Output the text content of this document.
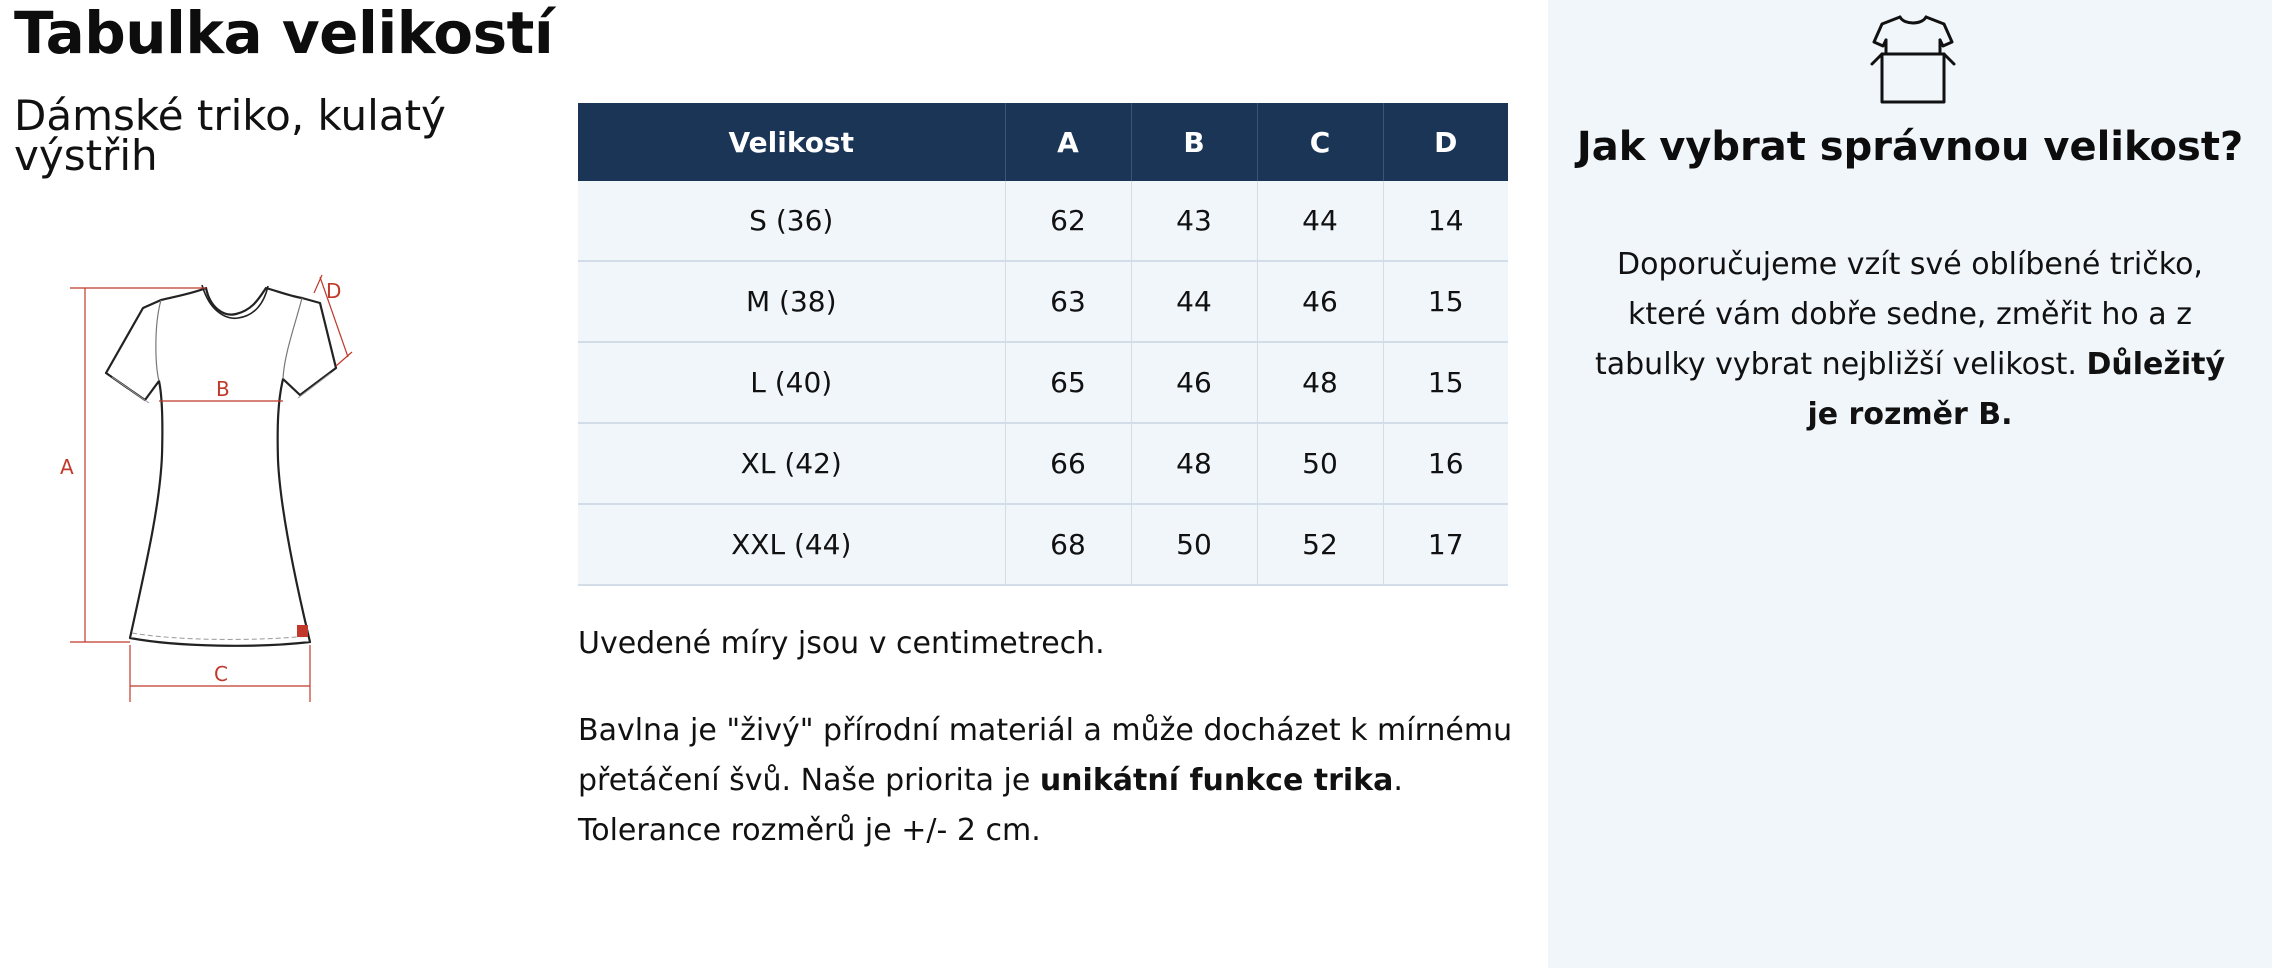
Tabulka velikostí
Dámské triko, kulatý výstřih
A
B
C
D
Velikost	A	B	C	D
S (36)	62	43	44	14
M (38)	63	44	46	15
L (40)	65	46	48	15
XL (42)	66	48	50	16
XXL (44)	68	50	52	17

Uvedené míry jsou v centimetrech.

Bavlna je "živý" přírodní materiál a může docházet k mírnému přetáčení švů. Naše priorita je unikátní funkce trika.
Tolerance rozměrů je +/- 2 cm.

Jak vybrat správnou velikost?

Doporučujeme vzít své oblíbené tričko, které vám dobře sedne, změřit ho a z tabulky vybrat nejbližší velikost. Důležitý je rozměr B.
